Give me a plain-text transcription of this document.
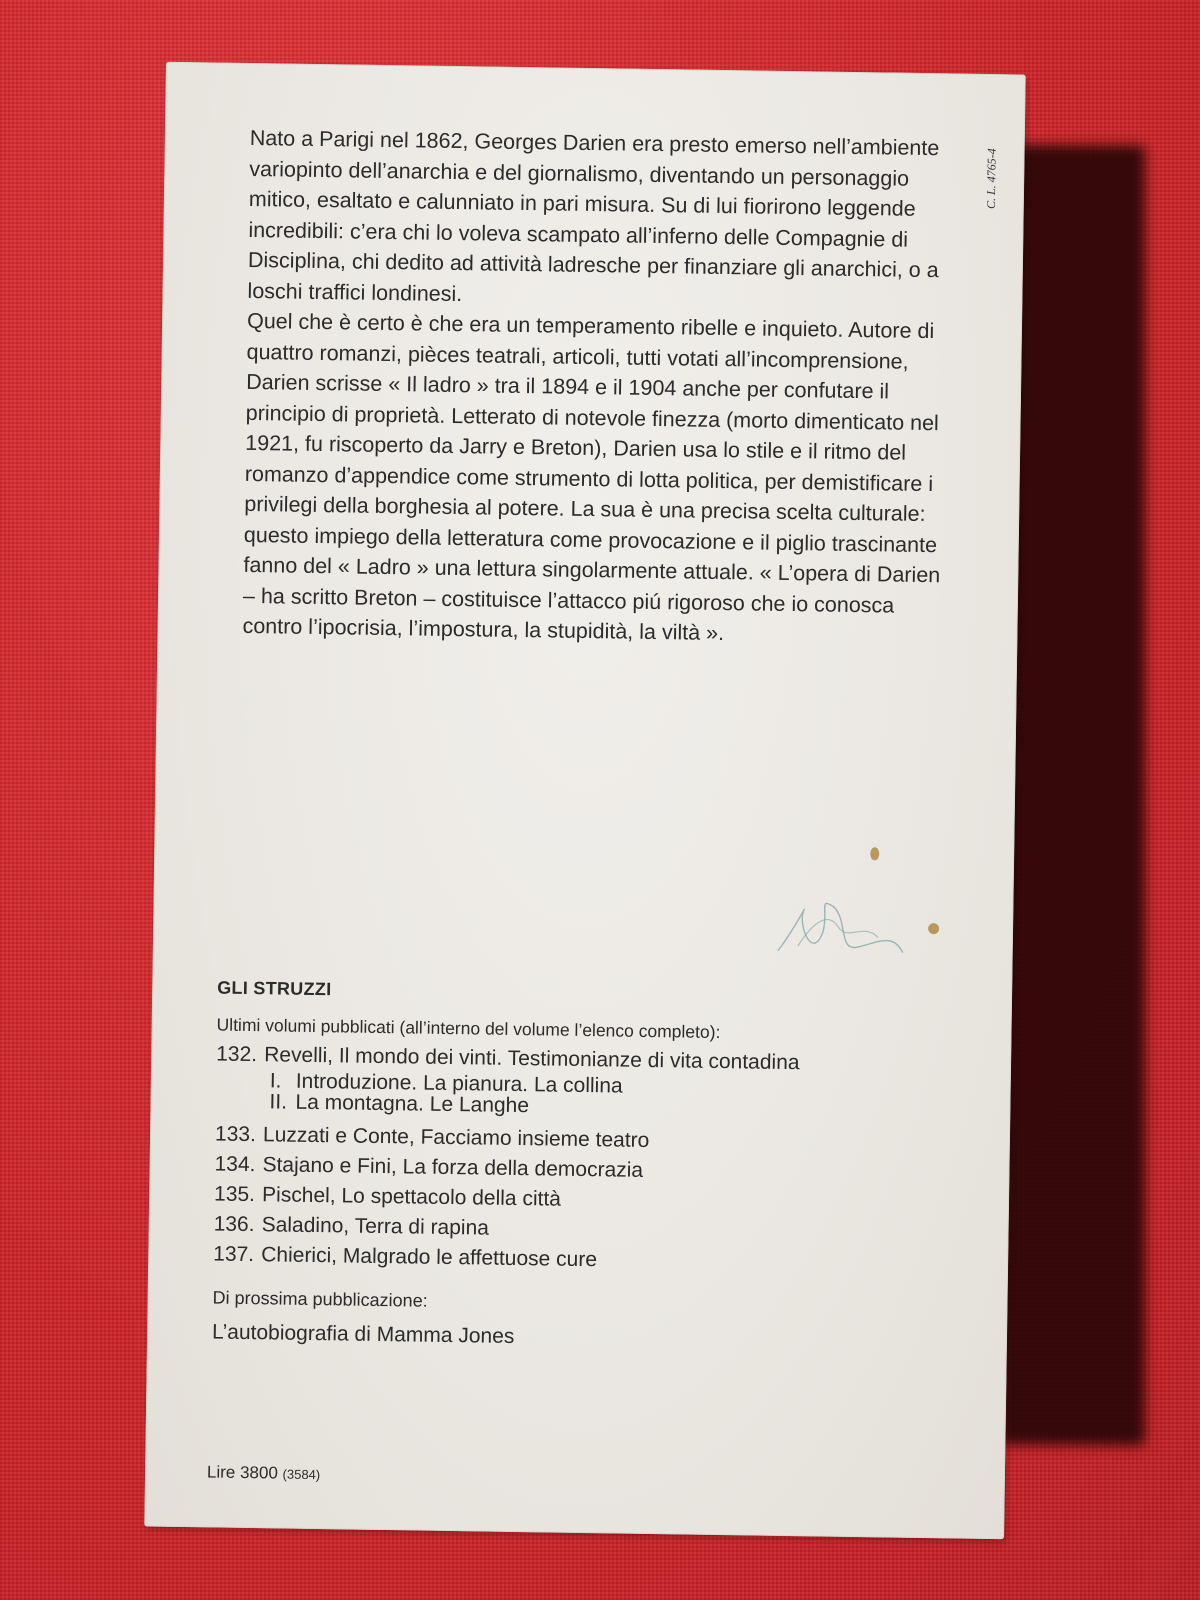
C. L. 4765-4

Nato a Parigi nel 1862, Georges Darien era presto emerso nell’ambiente variopinto dell’anarchia e del giornalismo, diventando un personaggio mitico, esaltato e calunniato in pari misura. Su di lui fiorirono leggende incredibili: c’era chi lo voleva scampato all’inferno delle Compagnie di Disciplina, chi dedito ad attività ladresche per finanziare gli anarchici, o a loschi traffici londinesi.

Quel che è certo è che era un temperamento ribelle e inquieto. Autore di quattro romanzi, pièces teatrali, articoli, tutti votati all’incomprensione, Darien scrisse « Il ladro » tra il 1894 e il 1904 anche per confutare il principio di proprietà. Letterato di notevole finezza (morto dimenticato nel 1921, fu riscoperto da Jarry e Breton), Darien usa lo stile e il ritmo del romanzo d’appendice come strumento di lotta politica, per demistificare i privilegi della borghesia al potere. La sua è una precisa scelta culturale: questo impiego della letteratura come provocazione e il piglio trascinante fanno del « Ladro » una lettura singolarmente attuale. « L’opera di Darien – ha scritto Breton – costituisce l’attacco piú rigoroso che io conosca contro l’ipocrisia, l’impostura, la stupidità, la viltà ».

GLI STRUZZI
Ultimi volumi pubblicati (all’interno del volume l’elenco completo):
132. Revelli, Il mondo dei vinti. Testimonianze di vita contadina
I. Introduzione. La pianura. La collina
II. La montagna. Le Langhe
133. Luzzati e Conte, Facciamo insieme teatro
134. Stajano e Fini, La forza della democrazia
135. Pischel, Lo spettacolo della città
136. Saladino, Terra di rapina
137. Chierici, Malgrado le affettuose cure
Di prossima pubblicazione:
L’autobiografia di Mamma Jones
Lire 3800 (3584)
